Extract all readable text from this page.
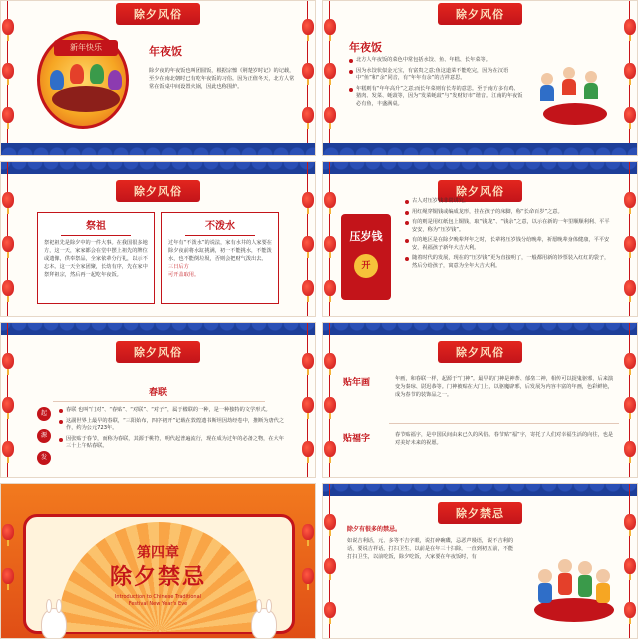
除夕风俗
新年快乐	年夜饭
除夕夜的年夜饭也叫团圆饭，根据宗懔《荆楚岁时记》的记载，至少在南北朝时已有吃年夜饭的习俗。因为正值冬天，北方人常常在饭桌中间设置火锅，因此也称围炉。
除夕风俗
年夜饭
北方人年夜饭的菜色中常包括水饺、鱼、年糕、长年菜等。
因为水饺状似金元宝，有富贵之意;鱼这道菜不能吃完，因为在汉语中“鱼”和“余”同音，有“年年有余”的吉祥意思。
年糕则有“年年高升”之意;而长年菜则有长寿的意思。至于南方多有鸡、猪肉、发菜、蚝豉等，因为“发菜蚝豉”与“发财好市”谐音。江南的年夜饭必有鱼，丰盛满桌。
除夕风俗
祭祖
祭祀祖先是除夕中的一件大事。在我国很多地方，这一天，家家都会在堂中摆上祖先的牌位或遗像，供奉祭品，全家依辈分行礼，以示不忘本。这一天全家团聚，长幼有序，先在家中祭拜祖宗，然后再一起吃年夜饭。
不泼水
过年有“不泼水”的说法，家有水井的人家要在除夕夜前将水缸挑满，初一不能挑水，不能泼水，也不能倒垃圾，否则会把财气泼出去。
三日后方
可开盖取用。
除夕风俗
压岁钱
开
古人对压岁钱非常讲究。
用红绳穿铜钱或编成龙形，挂在孩子的床脚，称“长命百岁”之意。
有的则是用红纸包上铜钱，取“钱龙”、“钱余”之意，以示在新的一年里顺顺利利、平平安安，称为“压岁钱”。
有的地区是在除夕晚辈拜年之时，长辈将压岁钱分给晚辈，祈愿晚辈身体健康，平平安安，祝福孩子新年大吉大利。
随着时代的发展，现在的“压岁钱”更为直接明了，一般都用新的钞票装入红红的袋子，然后分给孩子，寓意为全年大吉大利。
除夕风俗
春联
起
源
发
春联 也叫“门对”、“春贴”、“对联”、“对子”，属于楹联的一种，是一种独特的文学形式。
这副世界上最早的春联，“三阳始布，四序初开”记载在敦煌遗书斯坦因劫经卷中，推断为唐代之作，约为公元723年。
因张贴于春节，而称为春联，其源于桃符，明代起普遍流行，现在成为过年的必备之物，在大年三十上午贴春联。
除夕风俗
贴年画	年画，和春联一样，起源于“门神”。最早的门神是神荼、郁垒二神，相传可以捉鬼驱邪，后来演变为秦琼、尉迟恭等。门神被贴在大门上，以驱魔辟邪，后发展为内容丰富的年画，色彩鲜艳，成为春节的装饰品之一。
贴福字	春节贴福字，是中国民间由来已久的风俗。春节贴“福”字，寄托了人们对幸福生活的向往，也是对美好未来的祝愿。
第四章
除夕禁忌
Introduction to Chinese Traditional
Festival New Year's Eve
除夕禁忌
除夕有很多的禁忌。
如说吉利话，元、多等不吉字眼，说打碎碗碟，忌恶声谩语，说不吉利的话，要说吉祥话。打扫卫生，以前是在年三十扫除，一直到初五前，不能打扫卫生，以前吃饭，除夕吃饭，大家要在年夜饭时，有
